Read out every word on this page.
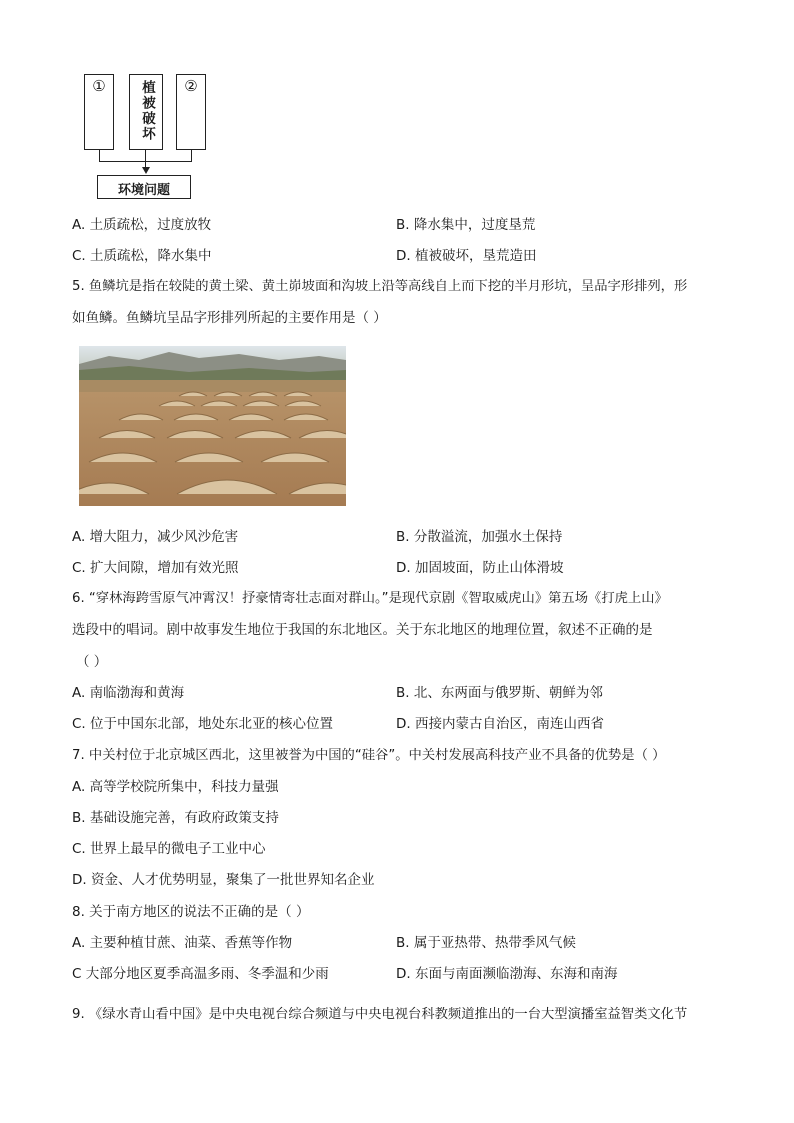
①	植被破坏	②
环境问题
A. 土质疏松，过度放牧	B. 降水集中，过度垦荒
C. 土质疏松，降水集中	D. 植被破坏，垦荒造田
5. 鱼鳞坑是指在较陡的黄土梁、黄土峁坡面和沟坡上沿等高线自上而下挖的半月形坑，呈品字形排列，形
如鱼鳞。鱼鳞坑呈品字形排列所起的主要作用是（ ）
A. 增大阻力，减少风沙危害	B. 分散溢流，加强水土保持
C. 扩大间隙，增加有效光照	D. 加固坡面，防止山体滑坡
6. “穿林海跨雪原气冲霄汉！抒豪情寄壮志面对群山。”是现代京剧《智取威虎山》第五场《打虎上山》
选段中的唱词。剧中故事发生地位于我国的东北地区。关于东北地区的地理位置，叙述不正确的是
（ ）
A. 南临渤海和黄海	B. 北、东两面与俄罗斯、朝鲜为邻
C. 位于中国东北部，地处东北亚的核心位置	D. 西接内蒙古自治区，南连山西省
7. 中关村位于北京城区西北，这里被誉为中国的“硅谷”。中关村发展高科技产业不具备的优势是（ ）
A. 高等学校院所集中，科技力量强
B. 基础设施完善，有政府政策支持
C. 世界上最早的微电子工业中心
D. 资金、人才优势明显，聚集了一批世界知名企业
8. 关于南方地区的说法不正确的是（ ）
A. 主要种植甘蔗、油菜、香蕉等作物	B. 属于亚热带、热带季风气候
C 大部分地区夏季高温多雨、冬季温和少雨	D. 东面与南面濒临渤海、东海和南海
9. 《绿水青山看中国》是中央电视台综合频道与中央电视台科教频道推出的一台大型演播室益智类文化节
